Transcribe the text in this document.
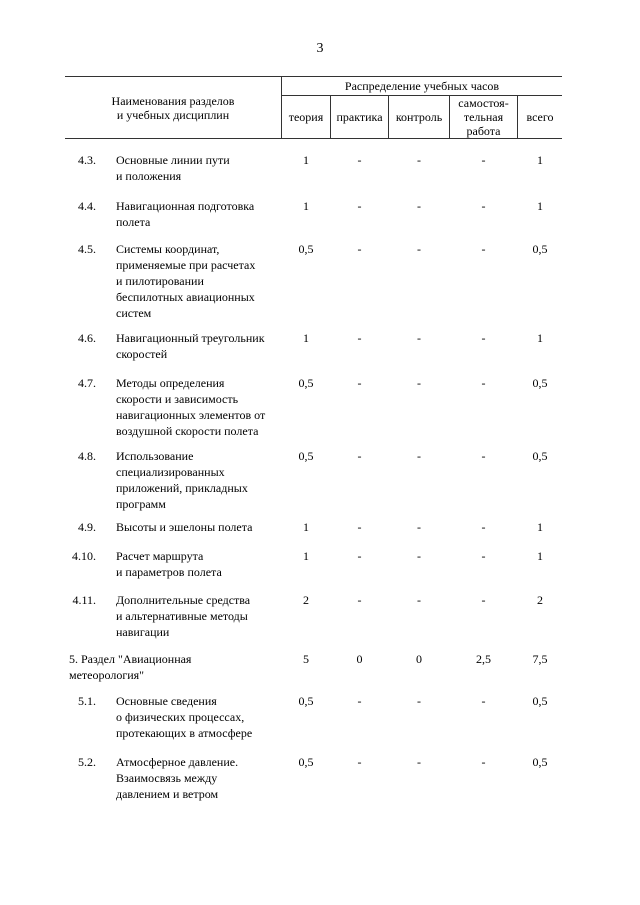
3
Наименования разделов
и учебных дисциплин
Распределение учебных часов
теория	практика	контроль
самостоя-
тельная
работа
всего
4.3. Основные линии пути
и положения
1	-	-	-	1
4.4. Навигационная подготовка
полета
1	-	-	-	1
4.5. Системы координат,
применяемые при расчетах
и пилотировании
беспилотных авиационных
систем
0,5	-	-	-	0,5
4.6. Навигационный треугольник
скоростей
1	-	-	-	1
4.7. Методы определения
скорости и зависимость
навигационных элементов от
воздушной скорости полета
0,5	-	-	-	0,5
4.8. Использование
специализированных
приложений, прикладных
программ
0,5	-	-	-	0,5
4.9. Высоты и эшелоны полета	1	-	-	-	1
4.10. Расчет маршрута
и параметров полета
1	-	-	-	1
4.11. Дополнительные средства
и альтернативные методы
навигации
2	-	-	-	2
5. Раздел "Авиационная
метеорология"
5	0	0	2,5	7,5
5.1. Основные сведения
о физических процессах,
протекающих в атмосфере
0,5	-	-	-	0,5
5.2. Атмосферное давление.
Взаимосвязь между
давлением и ветром
0,5	-	-	-	0,5
